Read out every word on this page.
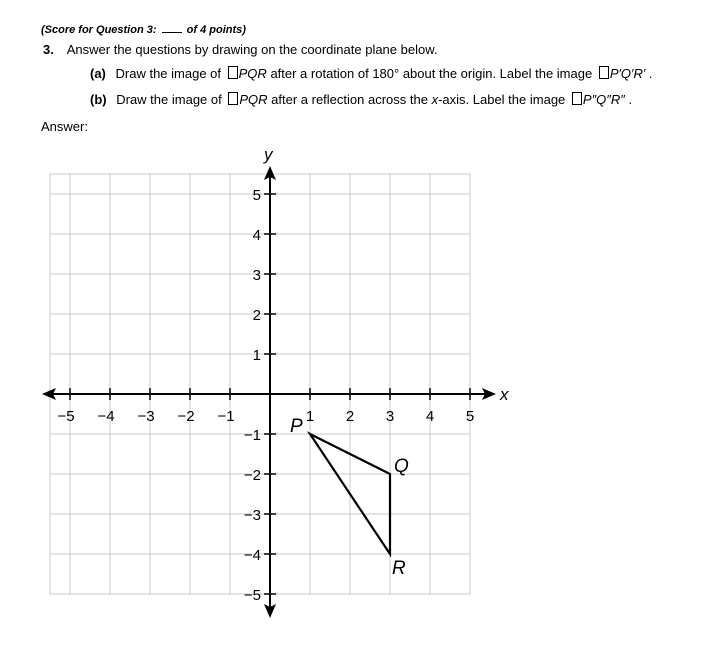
(Score for Question 3:	of 4 points)
3. Answer the questions by drawing on the coordinate plane below.
(a) Draw the image of PQR after a rotation of 180° about the origin. Label the image P′Q′R′ .
(b) Draw the image of PQR after a reflection across the x-axis. Label the image P″Q″R″ .
Answer:
x
y
−5 −4 −3 −2 −1	1 2 3 4 5
5
4
3
2
1
−1
−2
−3
−4
−5
P
Q
R
